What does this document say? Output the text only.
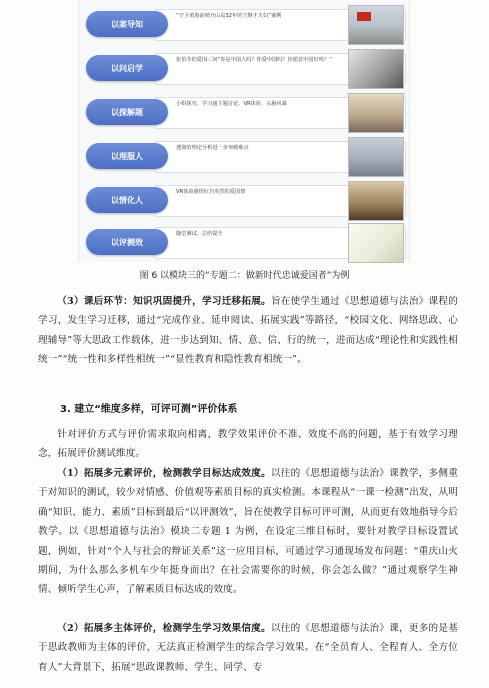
以案导知
“守卫黄海前哨开山岛32年的王继才夫妇”案例
以问启学
张伯苓的爱国三问“你是中国人吗？你爱中国吗？你愿意中国好吗？”
以探解题
小组探究、学习通主题讨论、VR体验、头脑风暴
以理服人
透彻的理论分析进一步突破难点
以情化人
VR体验感悟红岩英烈的爱国情
以评测效
随堂测试，总结提升
图 6 以模块三的“专题二：做新时代忠诚爱国者”为例
（3）课后环节：知识巩固提升，学习迁移拓展。旨在使学生通过《思想道德与法治》课程的学习，发生学习迁移，通过“完成作业、延申阅读、拓展实践”等路径，“校园文化、网络思政、心理辅导”等大思政工作载体，进一步达到知、情、意、信、行的统一，进而达成“理论性和实践性相统一”“统一性和多样性相统一”“显性教育和隐性教育相统一”。
3. 建立“维度多样，可评可测”评价体系
针对评价方式与评价需求取向相离，教学效果评价不准、效度不高的问题，基于有效学习理念，拓展评价测试维度。
（1）拓展多元素评价，检测教学目标达成效度。以往的《思想道德与法治》课教学，多侧重于对知识的测试，较少对情感、价值观等素质目标的真实检测。本课程从“一课一检测”出发，从明确“知识、能力、素质”目标到最后“以评测效”，旨在使教学目标可评可测，从而更有效地指导今后教学。以《思想道德与法治》模块二专题 1 为例，在设定三维目标时，要针对教学目标设置试题，例如，针对“个人与社会的辩证关系”这一应用目标，可通过学习通现场发布问题：“重庆山火期间，为什么那么多机车少年挺身而出？在社会需要你的时候，你会怎么做？”通过观察学生神情、倾听学生心声，了解素质目标达成的效度。
（2）拓展多主体评价，检测学生学习效果信度。以往的《思想道德与法治》课，更多的是基于思政教师为主体的评价，无法真正检测学生的综合学习效果。在“全员育人、全程育人、全方位育人”大背景下，拓展“思政课教师、学生、同学、专
